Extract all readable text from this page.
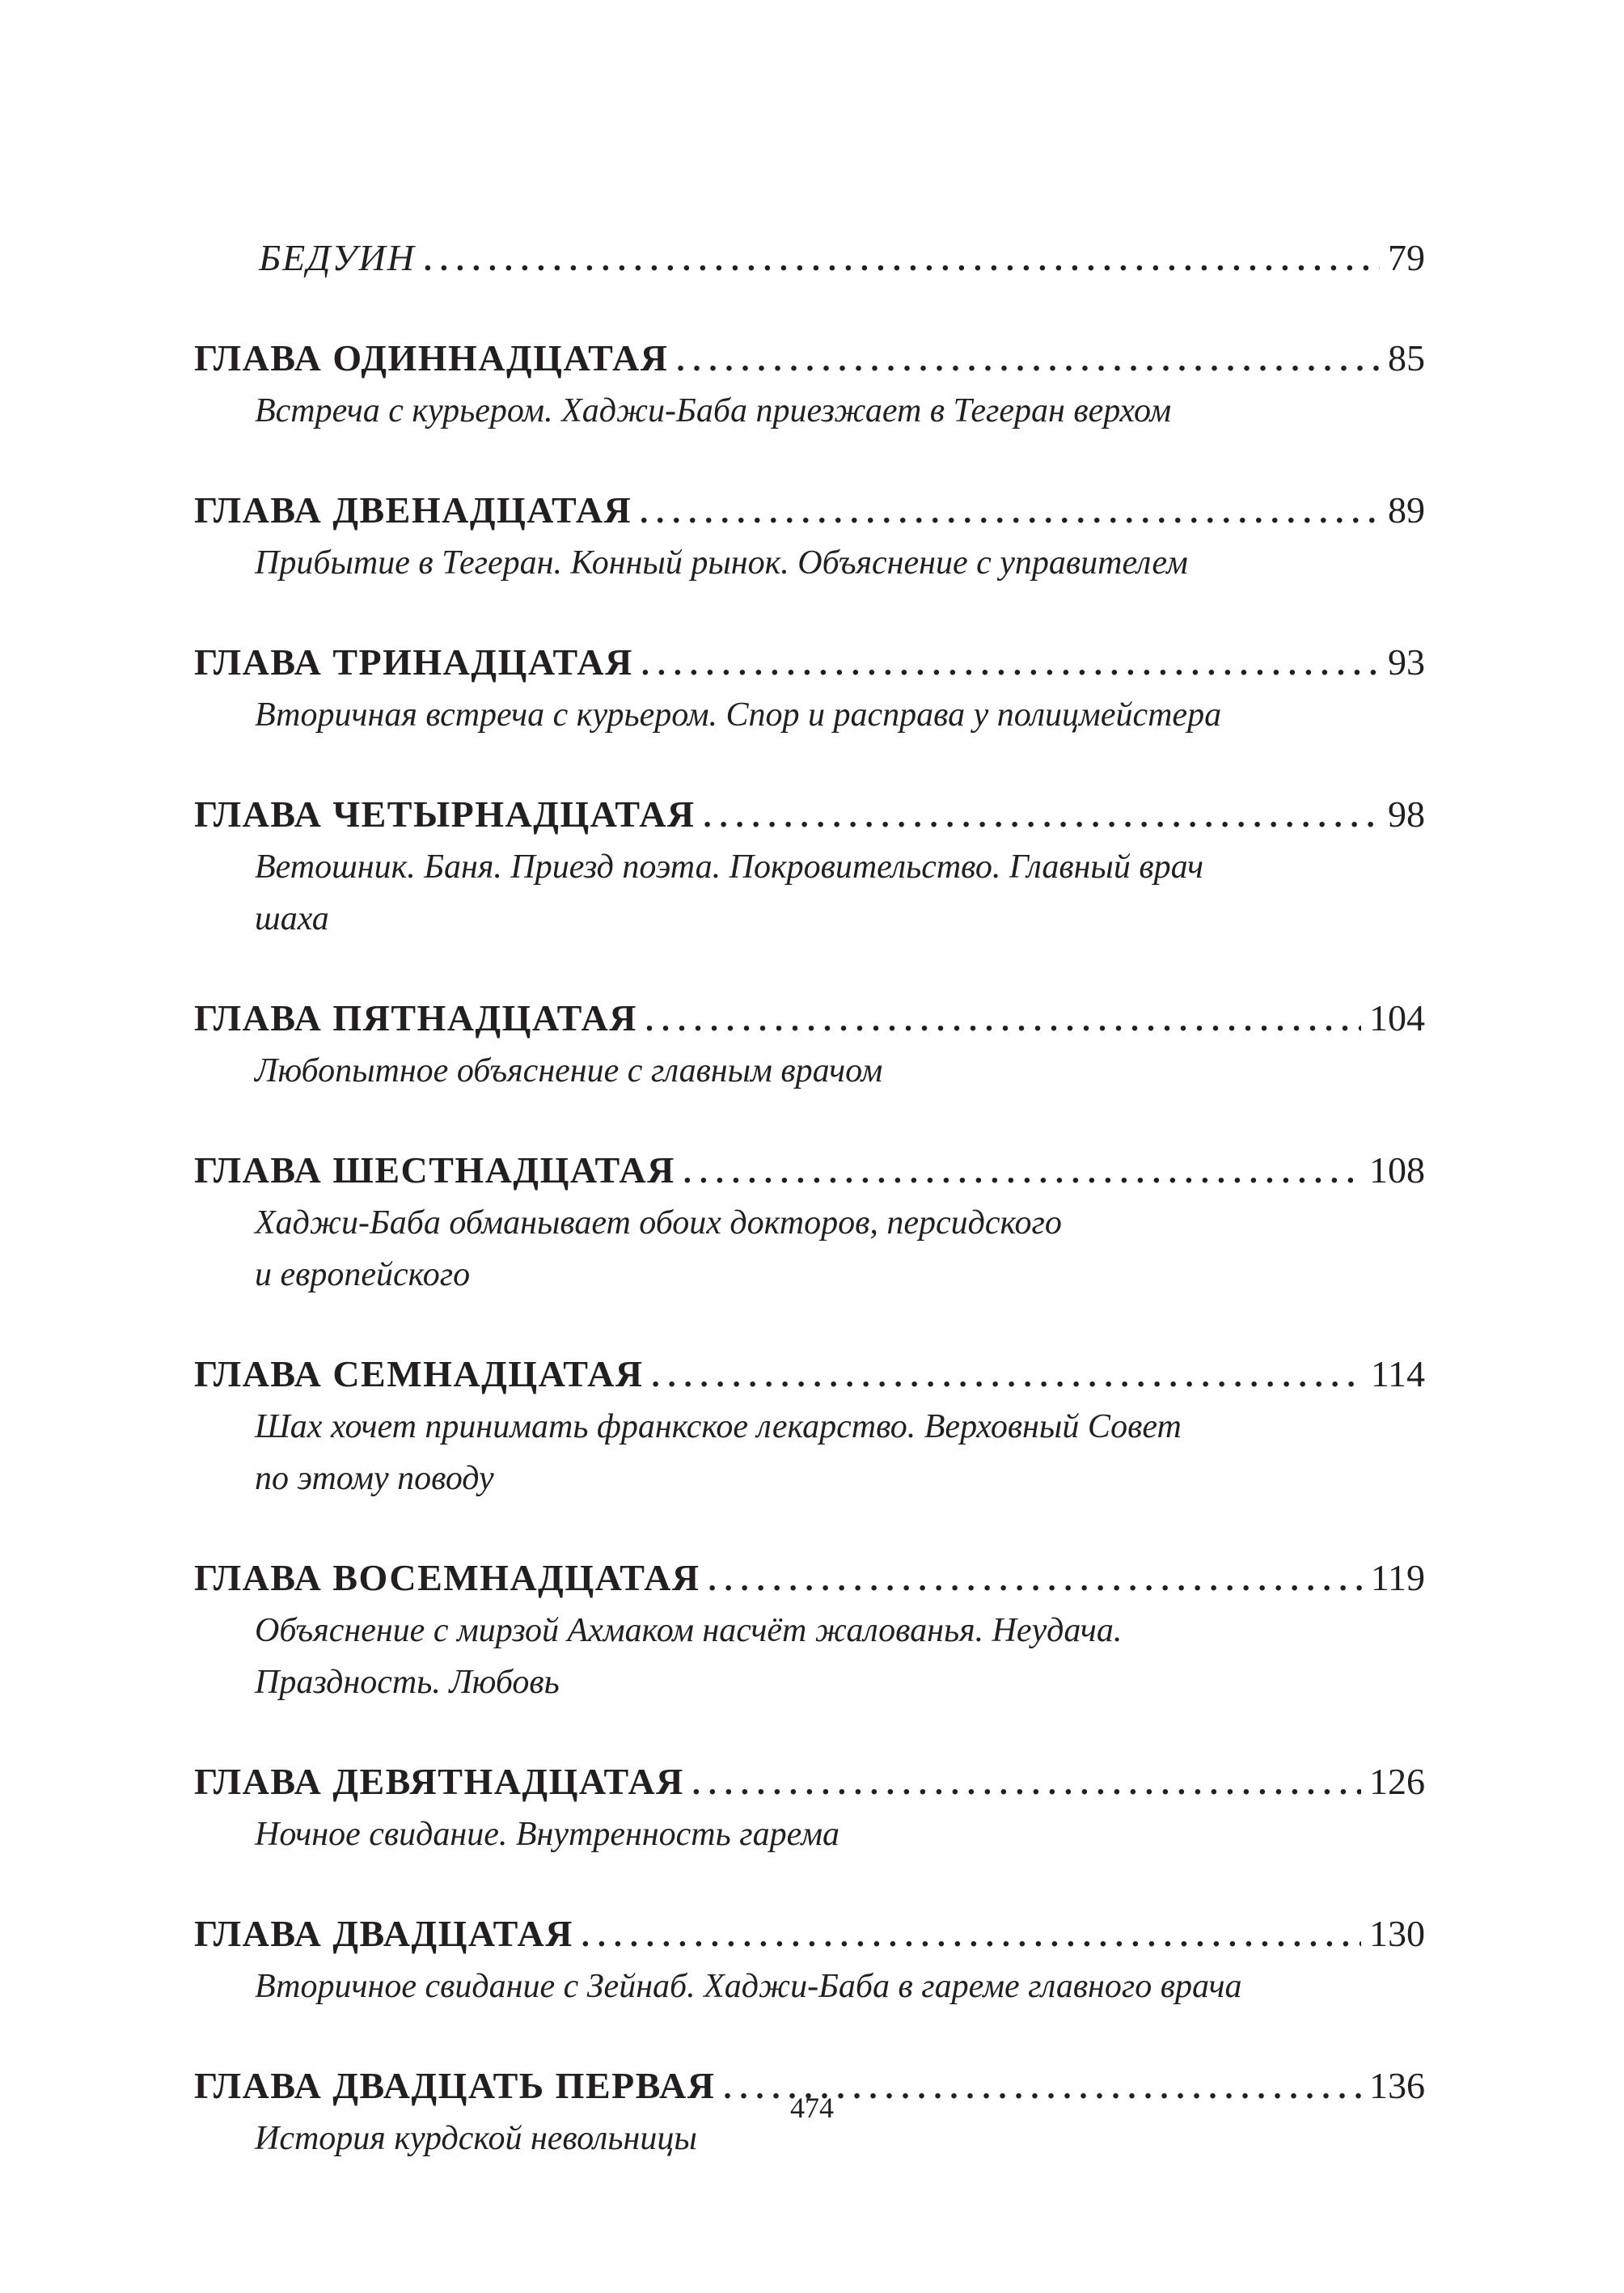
БЕДУИН . . .	79
ГЛАВА ОДИННАДЦАТАЯ . . .	85
Встреча с курьером. Хаджи-Баба приезжает в Тегеран верхом
ГЛАВА ДВЕНАДЦАТАЯ . . .	89
Прибытие в Тегеран. Конный рынок. Объяснение с управителем
ГЛАВА ТРИНАДЦАТАЯ . . .	93
Вторичная встреча с курьером. Спор и расправа у полицмейстера
ГЛАВА ЧЕТЫРНАДЦАТАЯ . . .	98
Ветошник. Баня. Приезд поэта. Покровительство. Главный врач
шаха
ГЛАВА ПЯТНАДЦАТАЯ . . .	104
Любопытное объяснение с главным врачом
ГЛАВА ШЕСТНАДЦАТАЯ . . .	108
Хаджи-Баба обманывает обоих докторов, персидского
и европейского
ГЛАВА СЕМНАДЦАТАЯ . . .	114
Шах хочет принимать франкское лекарство. Верховный Совет
по этому поводу
ГЛАВА ВОСЕМНАДЦАТАЯ . . .	119
Объяснение с мирзой Ахмаком насчёт жалованья. Неудача.
Праздность. Любовь
ГЛАВА ДЕВЯТНАДЦАТАЯ . . .	126
Ночное свидание. Внутренность гарема
ГЛАВА ДВАДЦАТАЯ . . .	130
Вторичное свидание с Зейнаб. Хаджи-Баба в гареме главного врача
ГЛАВА ДВАДЦАТЬ ПЕРВАЯ . . .	136
История курдской невольницы
474
